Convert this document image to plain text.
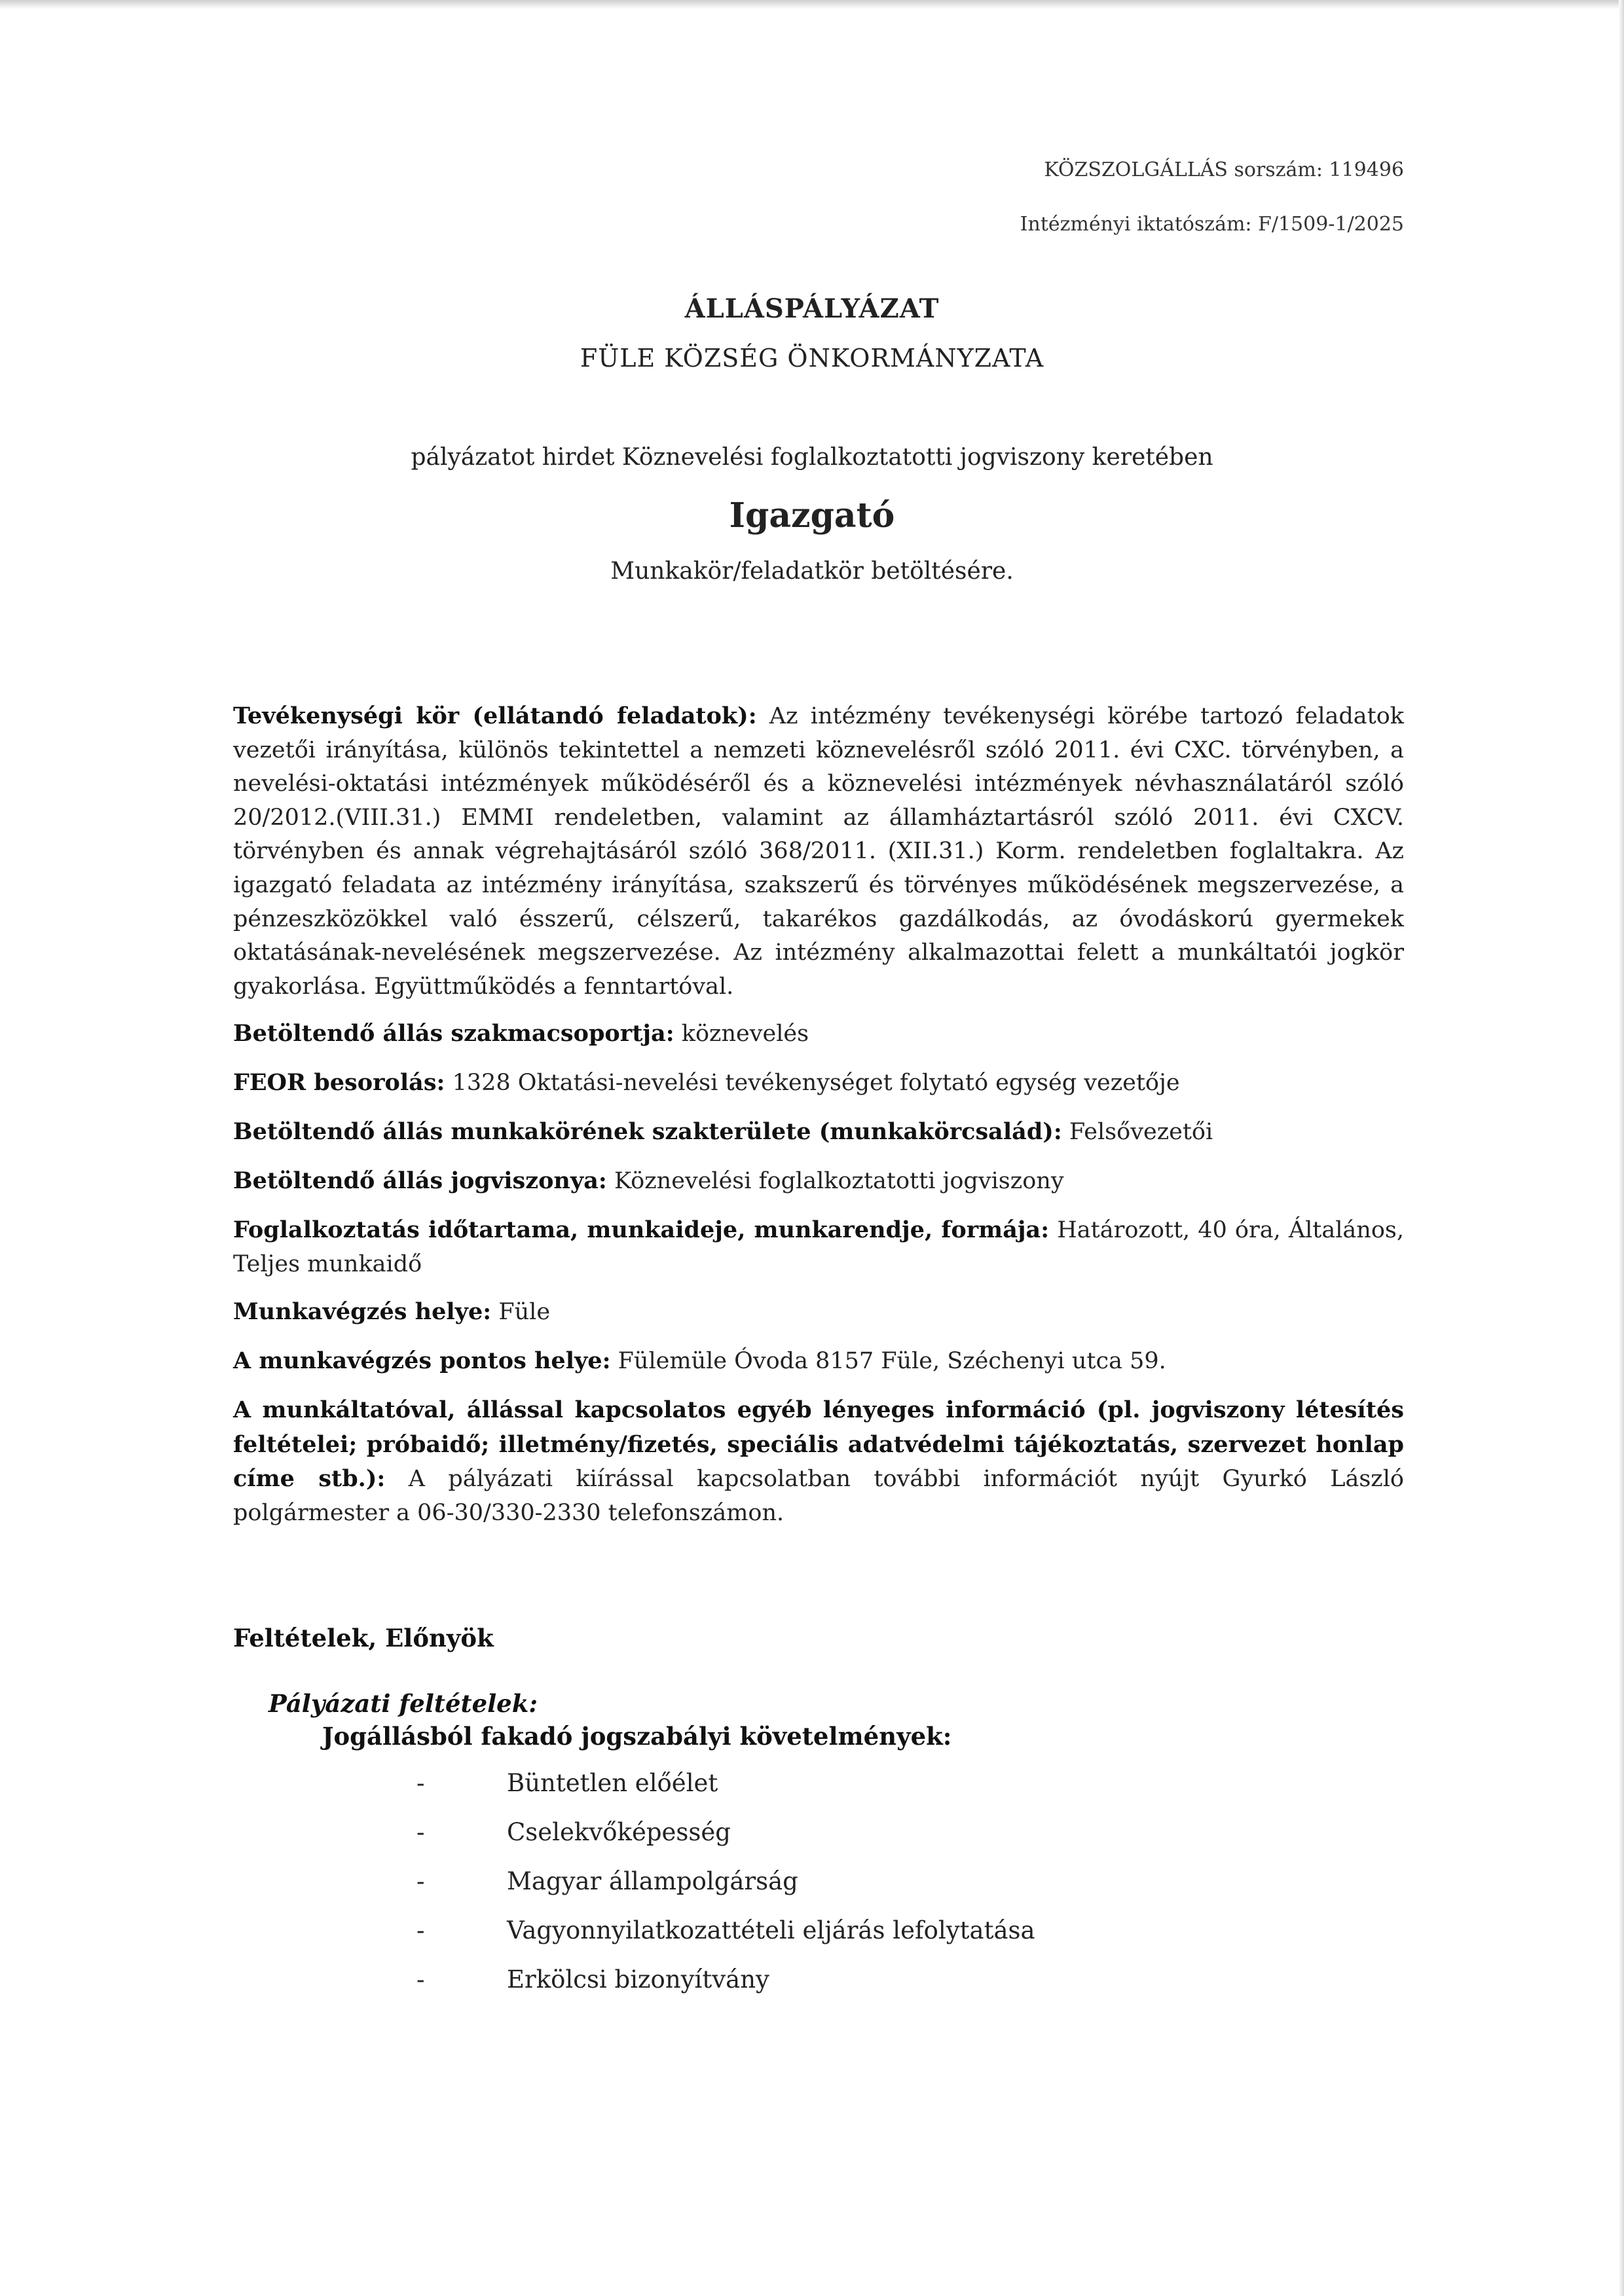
KÖZSZOLGÁLLÁS sorszám: 119496
Intézményi iktatószám: F/1509-1/2025
ÁLLÁSPÁLYÁZAT
FÜLE KÖZSÉG ÖNKORMÁNYZATA
pályázatot hirdet Köznevelési foglalkoztatotti jogviszony keretében
Igazgató
Munkakör/feladatkör betöltésére.

Tevékenységi kör (ellátandó feladatok): Az intézmény tevékenységi körébe tartozó feladatok vezetői irányítása, különös tekintettel a nemzeti köznevelésről szóló 2011. évi CXC. törvényben, a nevelési-oktatási intézmények működéséről és a köznevelési intézmények névhasználatáról szóló 20/2012.(VIII.31.) EMMI rendeletben, valamint az államháztartásról szóló 2011. évi CXCV. törvényben és annak végrehajtásáról szóló 368/2011. (XII.31.) Korm. rendeletben foglaltakra. Az igazgató feladata az intézmény irányítása, szakszerű és törvényes működésének megszervezése, a pénzeszközökkel való ésszerű, célszerű, takarékos gazdálkodás, az óvodáskorú gyermekek oktatásának-nevelésének megszervezése. Az intézmény alkalmazottai felett a munkáltatói jogkör gyakorlása. Együttműködés a fenntartóval.

Betöltendő állás szakmacsoportja: köznevelés

FEOR besorolás: 1328 Oktatási-nevelési tevékenységet folytató egység vezetője

Betöltendő állás munkakörének szakterülete (munkakörcsalád): Felsővezetői

Betöltendő állás jogviszonya: Köznevelési foglalkoztatotti jogviszony

Foglalkoztatás időtartama, munkaideje, munkarendje, formája: Határozott, 40 óra, Általános, Teljes munkaidő

Munkavégzés helye: Füle

A munkavégzés pontos helye: Fülemüle Óvoda 8157 Füle, Széchenyi utca 59.

A munkáltatóval, állással kapcsolatos egyéb lényeges információ (pl. jogviszony létesítés feltételei; próbaidő; illetmény/fizetés, speciális adatvédelmi tájékoztatás, szervezet honlap címe stb.): A pályázati kiírással kapcsolatban további információt nyújt Gyurkó László polgármester a 06-30/330-2330 telefonszámon.

Feltételek, Előnyök
Pályázati feltételek:
Jogállásból fakadó jogszabályi követelmények:
-	Büntetlen előélet
-	Cselekvőképesség
-	Magyar állampolgárság
-	Vagyonnyilatkozattételi eljárás lefolytatása
-	Erkölcsi bizonyítvány
